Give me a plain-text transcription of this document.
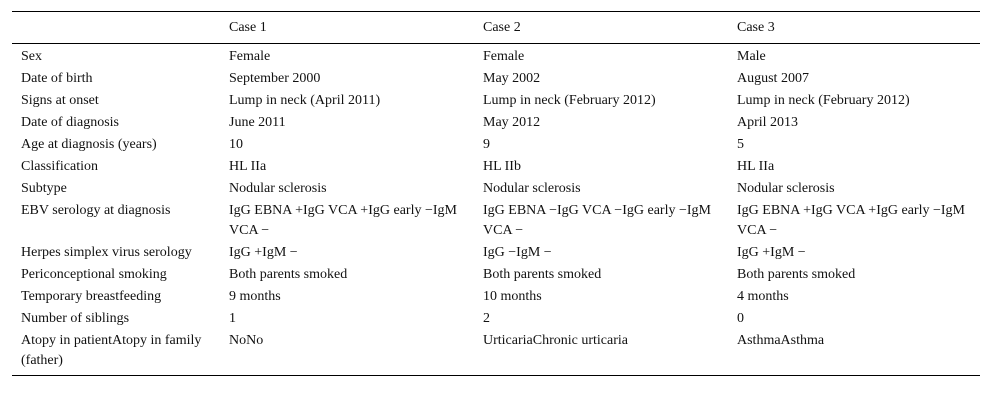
	Case 1	Case 2	Case 3
Sex	Female	Female	Male
Date of birth	September 2000	May 2002	August 2007
Signs at onset	Lump in neck (April 2011)	Lump in neck (February 2012)	Lump in neck (February 2012)
Date of diagnosis	June 2011	May 2012	April 2013
Age at diagnosis (years)	10	9	5
Classification	HL IIa	HL IIb	HL IIa
Subtype	Nodular sclerosis	Nodular sclerosis	Nodular sclerosis
EBV serology at diagnosis	IgG EBNA +IgG VCA +IgG early −IgM VCA −	IgG EBNA −IgG VCA −IgG early −IgM VCA −	IgG EBNA +IgG VCA +IgG early −IgM VCA −
Herpes simplex virus serology	IgG +IgM −	IgG −IgM −	IgG +IgM −
Periconceptional smoking	Both parents smoked	Both parents smoked	Both parents smoked
Temporary breastfeeding	9 months	10 months	4 months
Number of siblings	1	2	0
Atopy in patientAtopy in family (father)	NoNo	UrticariaChronic urticaria	AsthmaAsthma
